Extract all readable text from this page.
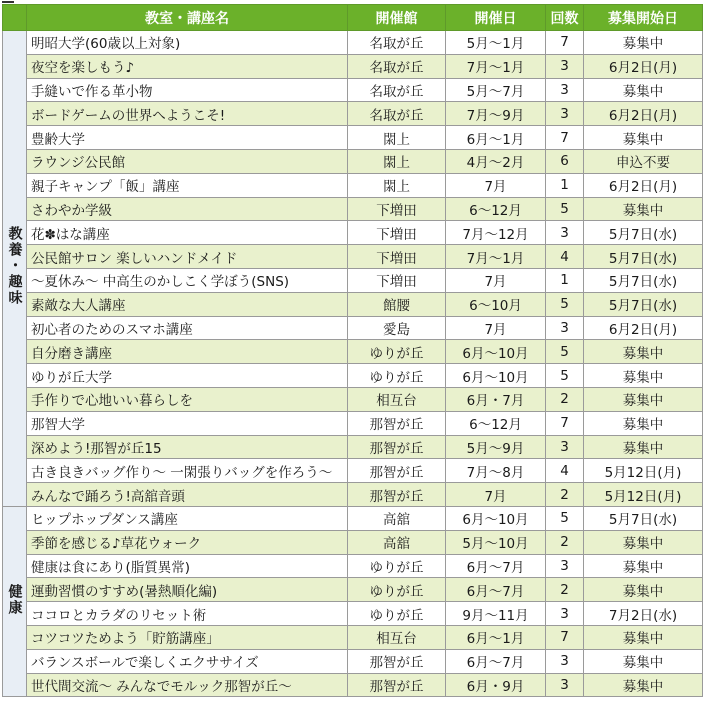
	教室・講座名	開催館	開催日	回数	募集開始日
教養・趣味	明昭大学(60歳以上対象)	名取が丘	5月～1月	7	募集中
	夜空を楽しもう♪	名取が丘	7月～1月	3	6月2日(月)
	手縫いで作る革小物	名取が丘	5月～7月	3	募集中
	ボードゲームの世界へようこそ!	名取が丘	7月～9月	3	6月2日(月)
	豊齢大学	閖上	6月～1月	7	募集中
	ラウンジ公民館	閖上	4月～2月	6	申込不要
	親子キャンプ「飯」講座	閖上	7月	1	6月2日(月)
	さわやか学級	下増田	6～12月	5	募集中
	花✽はな講座	下増田	7月～12月	3	5月7日(水)
	公民館サロン 楽しいハンドメイド	下増田	7月～1月	4	5月7日(水)
	～夏休み～ 中高生のかしこく学ぼう(SNS)	下増田	7月	1	5月7日(水)
	素敵な大人講座	館腰	6～10月	5	5月7日(水)
	初心者のためのスマホ講座	愛島	7月	3	6月2日(月)
	自分磨き講座	ゆりが丘	6月～10月	5	募集中
	ゆりが丘大学	ゆりが丘	6月～10月	5	募集中
	手作りで心地いい暮らしを	相互台	6月・7月	2	募集中
	那智大学	那智が丘	6～12月	7	募集中
	深めよう!那智が丘15	那智が丘	5月～9月	3	募集中
	古き良きバッグ作り～ 一閑張りバッグを作ろう～	那智が丘	7月～8月	4	5月12日(月)
	みんなで踊ろう!高舘音頭	那智が丘	7月	2	5月12日(月)
健康	ヒップホップダンス講座	高舘	6月～10月	5	5月7日(水)
	季節を感じる♪草花ウォーク	高舘	5月～10月	2	募集中
	健康は食にあり(脂質異常)	ゆりが丘	6月～7月	3	募集中
	運動習慣のすすめ(暑熱順化編)	ゆりが丘	6月～7月	2	募集中
	ココロとカラダのリセット術	ゆりが丘	9月～11月	3	7月2日(水)
	コツコツためよう「貯筋講座」	相互台	6月～1月	7	募集中
	バランスボールで楽しくエクササイズ	那智が丘	6月～7月	3	募集中
	世代間交流～ みんなでモルック那智が丘～	那智が丘	6月・9月	3	募集中
